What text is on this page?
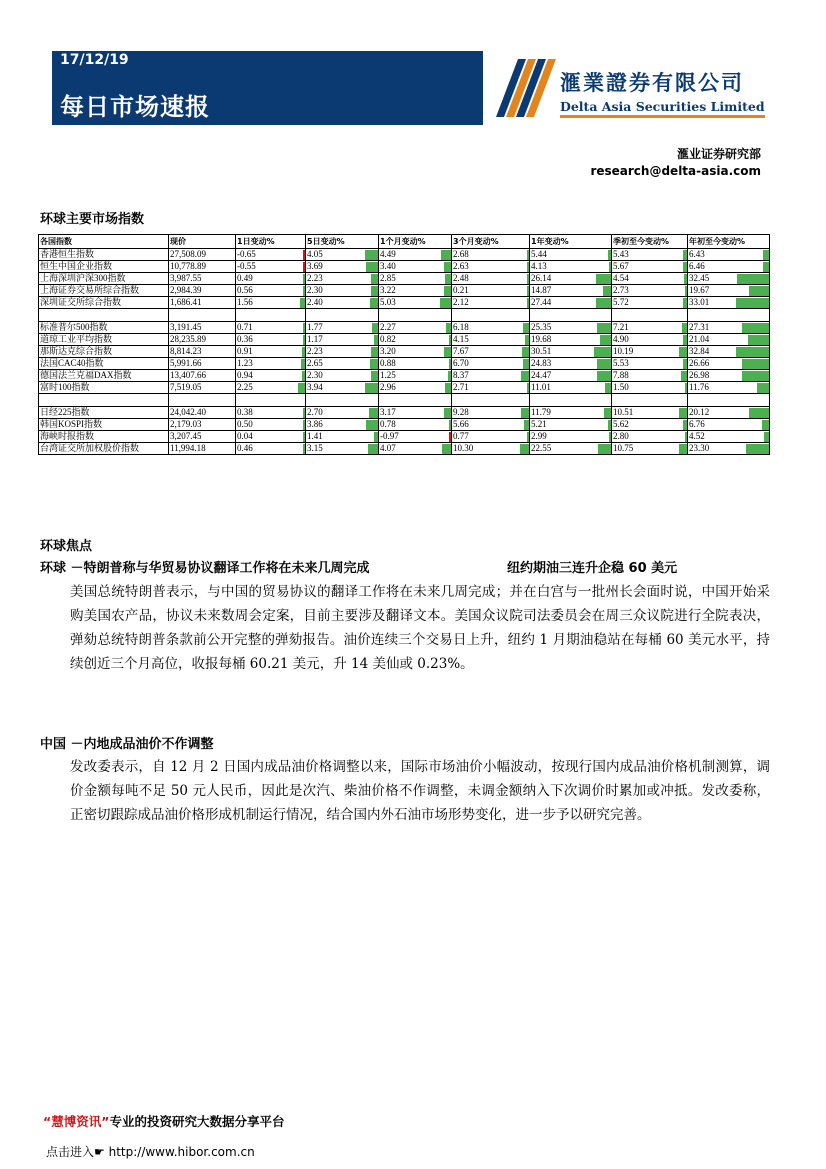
17/12/19
每日市场速报
滙業證券有限公司
Delta Asia Securities Limited
滙业证券研究部
research@delta-asia.com
环球主要市场指数
各国指数	现价	1日变动%	5日变动%	1个月变动%	3个月变动%	1年变动%	季初至今变动%	年初至今变动%
香港恒生指数	27,508.09	-0.65	4.05	4.49	2.68	5.44	5.43	6.43

恒生中国企业指数	10,778.89	-0.55	3.69	3.40	2.63	4.13	5.67	6.46

上海深圳沪深300指数	3,987.55	0.49	2.23	2.85	2.48	26.14	4.54	32.45

上海证券交易所综合指数	2,984.39	0.56	2.30	3.22	0.21	14.87	2.73	19.67

深圳证交所综合指数	1,686.41	1.56	2.40	5.03	2.12	27.44	5.72	33.01

标准普尔500指数	3,191.45	0.71	1.77	2.27	6.18	25.35	7.21	27.31

道琼工业平均指数	28,235.89	0.36	1.17	0.82	4.15	19.68	4.90	21.04

那斯达克综合指数	8,814.23	0.91	2.23	3.20	7.67	30.51	10.19	32.84

法国CAC40指数	5,991.66	1.23	2.65	0.88	6.70	24.83	5.53	26.66

德国法兰克福DAX指数	13,407.66	0.94	2.30	1.25	8.37	24.47	7.88	26.98

富时100指数	7,519.05	2.25	3.94	2.96	2.71	11.01	1.50	11.76

日经225指数	24,042.40	0.38	2.70	3.17	9.28	11.79	10.51	20.12

韩国KOSPI指数	2,179.03	0.50	3.86	0.78	5.66	5.21	5.62	6.76

海峡时报指数	3,207.45	0.04	1.41	-0.97	0.77	2.99	2.80	4.52

台湾证交所加权股价指数	11,994.18	0.46	3.15	4.07	10.30	22.55	10.75	23.30
环球焦点
环球 －特朗普称与华贸易协议翻译工作将在未来几周完成	纽约期油三连升企稳 60 美元
美国总统特朗普表示，与中国的贸易协议的翻译工作将在未来几周完成；并在白宫与一批州长会面时说，中国开始采购美国农产品，协议未来数周会定案，目前主要涉及翻译文本。美国众议院司法委员会在周三众议院进行全院表决，弹劾总统特朗普条款前公开完整的弹劾报告。油价连续三个交易日上升，纽约 1 月期油稳站在每桶 60 美元水平，持续创近三个月高位，收报每桶 60.21 美元，升 14 美仙或 0.23%。
中国 －内地成品油价不作调整
发改委表示，自 12 月 2 日国内成品油价格调整以来，国际市场油价小幅波动，按现行国内成品油价格机制测算，调价金额每吨不足 50 元人民币，因此是次汽、柴油价格不作调整，未调金额纳入下次调价时累加或冲抵。发改委称，正密切跟踪成品油价格形成机制运行情况，结合国内外石油市场形势变化，进一步予以研究完善。
“慧博资讯”专业的投资研究大数据分享平台
点击进入☛ http://www.hibor.com.cn
